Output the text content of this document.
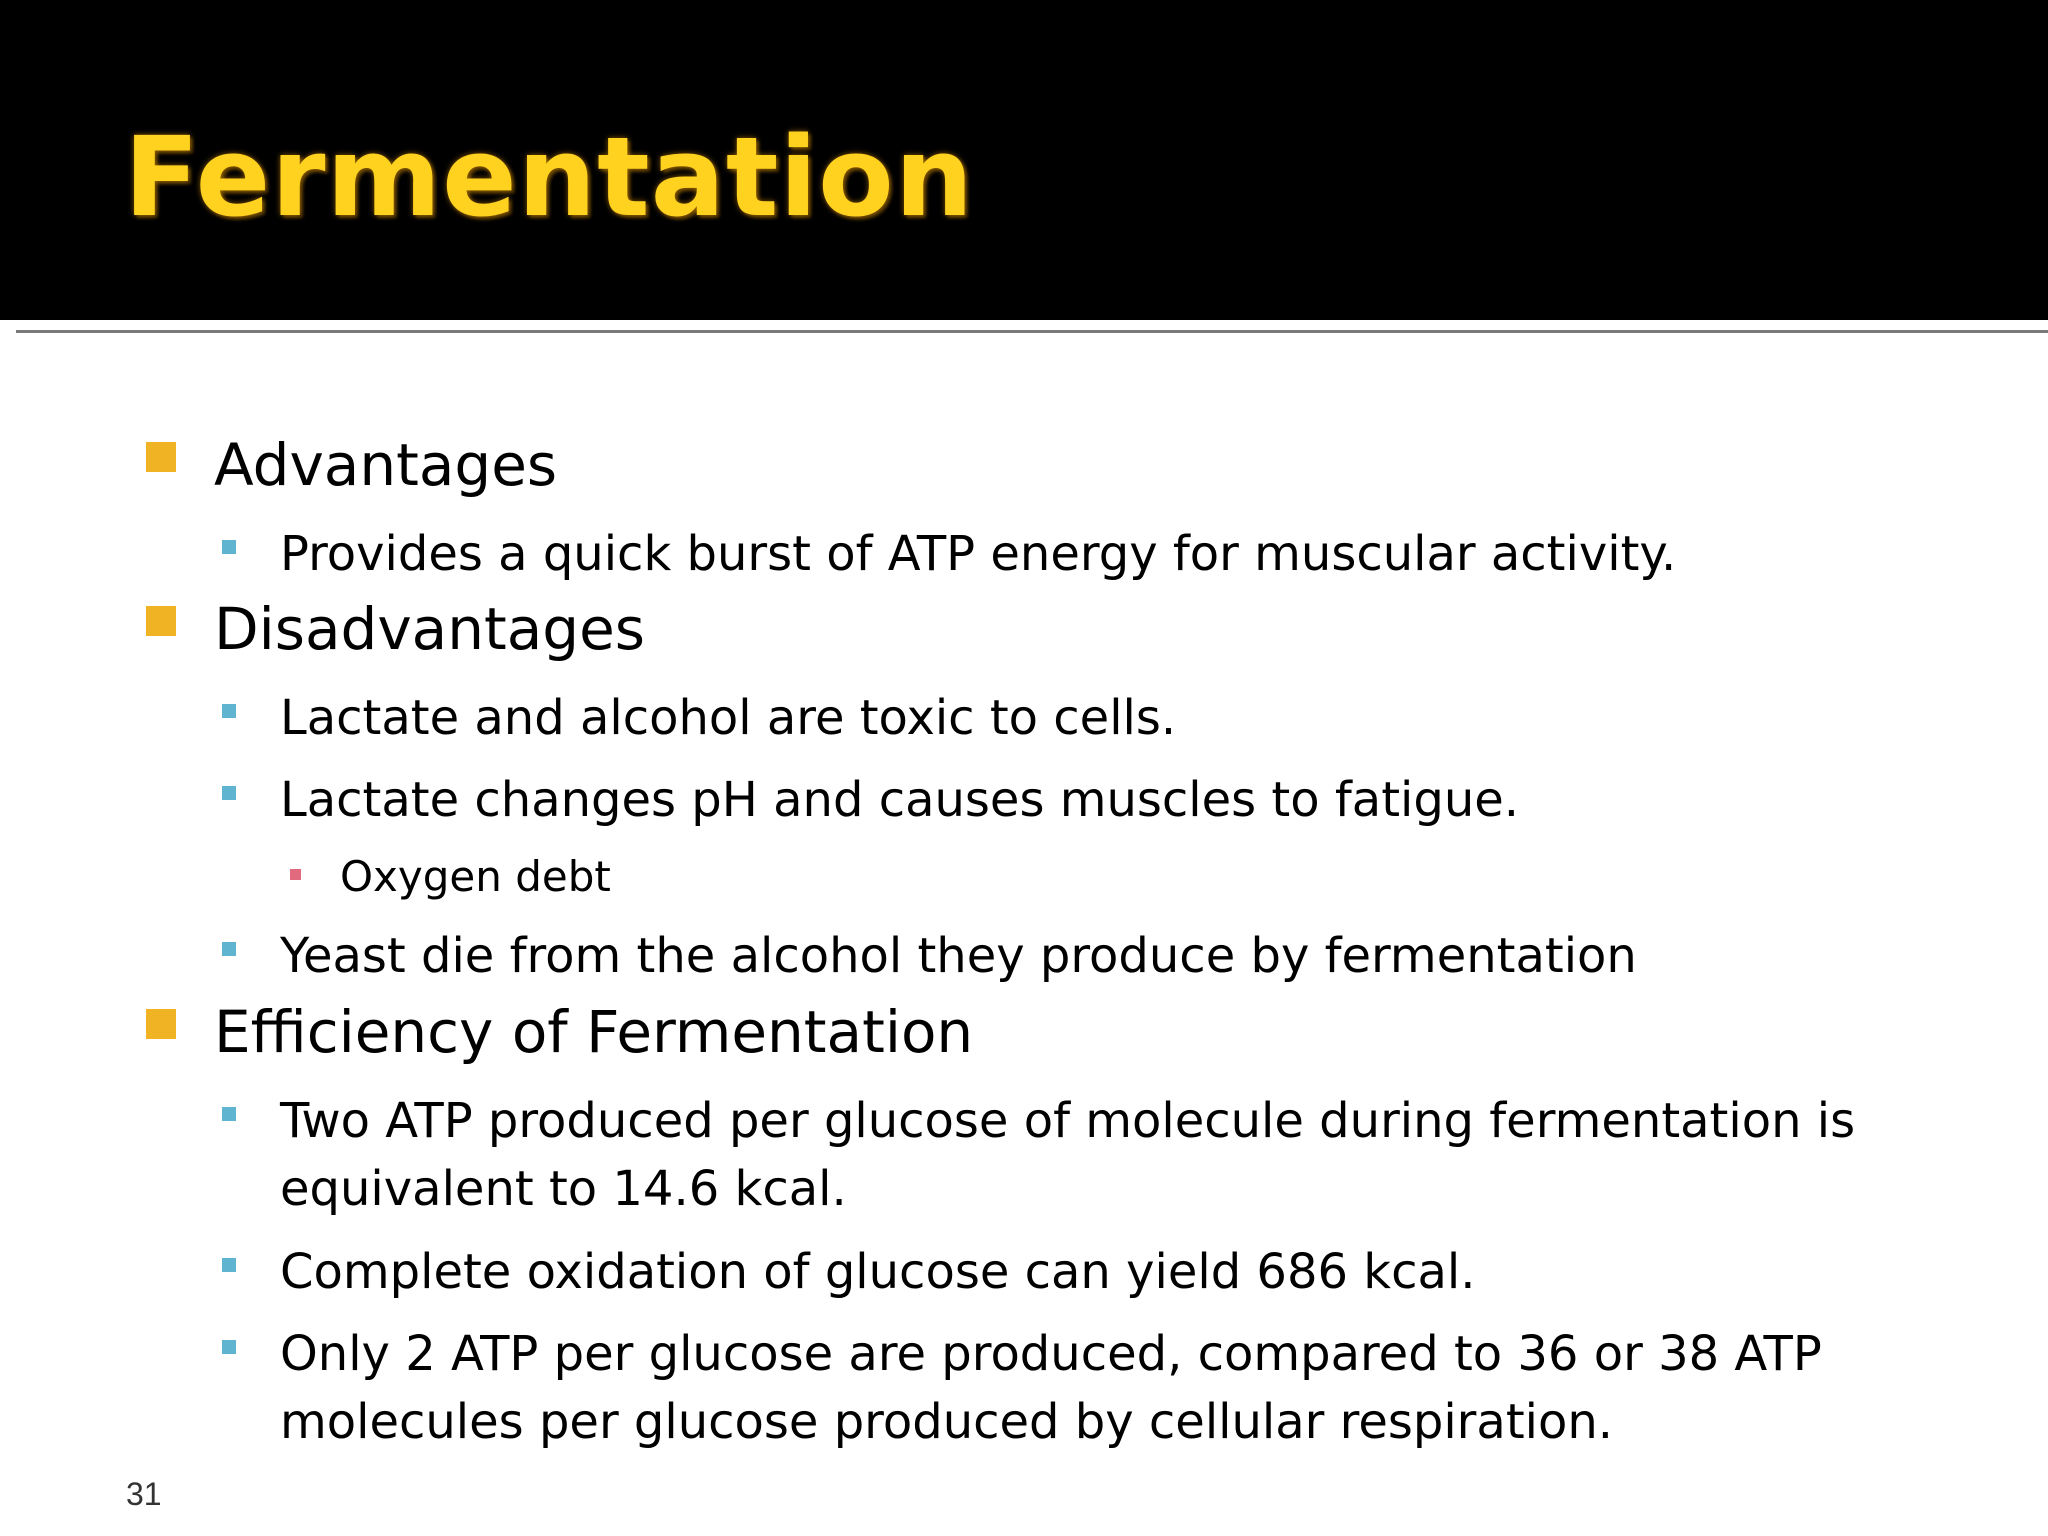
Fermentation
Advantages
Provides a quick burst of ATP energy for muscular activity.
Disadvantages
Lactate and alcohol are toxic to cells.
Lactate changes pH and causes muscles to fatigue.
Oxygen debt
Yeast die from the alcohol they produce by fermentation
Efficiency of Fermentation
Two ATP produced per glucose of molecule during fermentation is
equivalent to 14.6 kcal.
Complete oxidation of glucose can yield 686 kcal.
Only 2 ATP per glucose are produced, compared to 36 or 38 ATP
molecules per glucose produced by cellular respiration.
31
